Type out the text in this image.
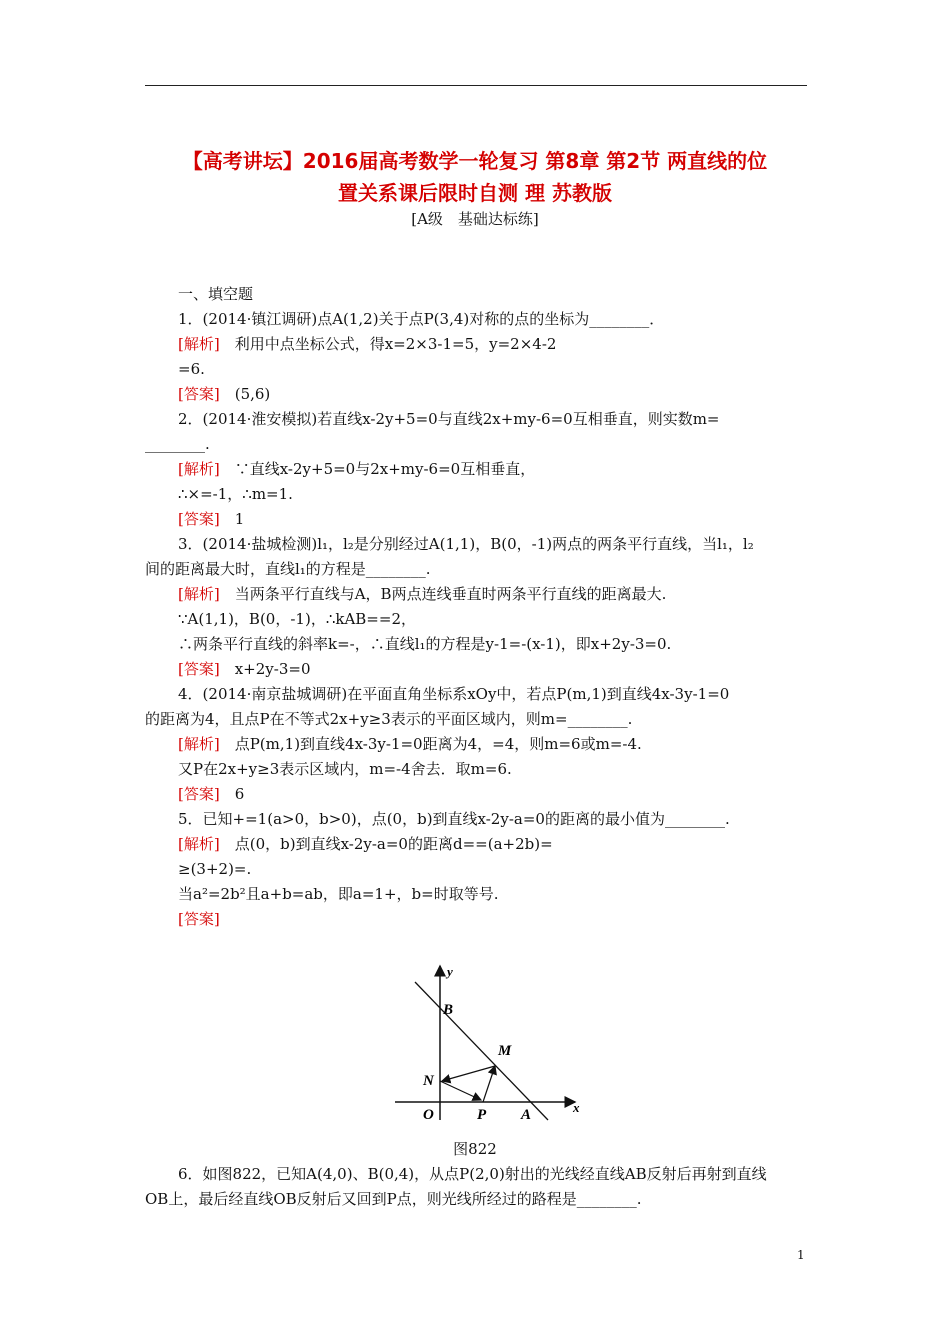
【高考讲坛】2016届高考数学一轮复习 第8章 第2节 两直线的位
置关系课后限时自测 理 苏教版
[A级　基础达标练]
一、填空题
1．(2014·镇江调研)点A(1,2)关于点P(3,4)对称的点的坐标为________．
[解析]　利用中点坐标公式，得x=2×3-1=5，y=2×4-2
=6.
[答案]　(5,6)
2．(2014·淮安模拟)若直线x-2y+5=0与直线2x+my-6=0互相垂直，则实数m=
________.
[解析]　∵直线x-2y+5=0与2x+my-6=0互相垂直，
∴×=-1，∴m=1.
[答案]　1
3．(2014·盐城检测)l₁，l₂是分别经过A(1,1)，B(0，-1)两点的两条平行直线，当l₁，l₂
间的距离最大时，直线l₁的方程是________.
[解析]　当两条平行直线与A，B两点连线垂直时两条平行直线的距离最大.
∵A(1,1)，B(0，-1)，∴kAB==2，
∴两条平行直线的斜率k=-，∴直线l₁的方程是y-1=-(x-1)，即x+2y-3=0.
[答案]　x+2y-3=0
4．(2014·南京盐城调研)在平面直角坐标系xOy中，若点P(m,1)到直线4x-3y-1=0
的距离为4，且点P在不等式2x+y≥3表示的平面区域内，则m=________.
[解析]　点P(m,1)到直线4x-3y-1=0距离为4，=4，则m=6或m=-4.
又P在2x+y≥3表示区域内，m=-4舍去．取m=6.
[答案]　6
5．已知+=1(a>0，b>0)，点(0，b)到直线x-2y-a=0的距离的最小值为________.
[解析]　点(0，b)到直线x-2y-a=0的距离d==(a+2b)=
≥(3+2)=.
当a²=2b²且a+b=ab，即a=1+，b=时取等号.
[答案]
y
B
M
N
O	P A	x
图822
6．如图822，已知A(4,0)、B(0,4)，从点P(2,0)射出的光线经直线AB反射后再射到直线
OB上，最后经直线OB反射后又回到P点，则光线所经过的路程是________.
1
